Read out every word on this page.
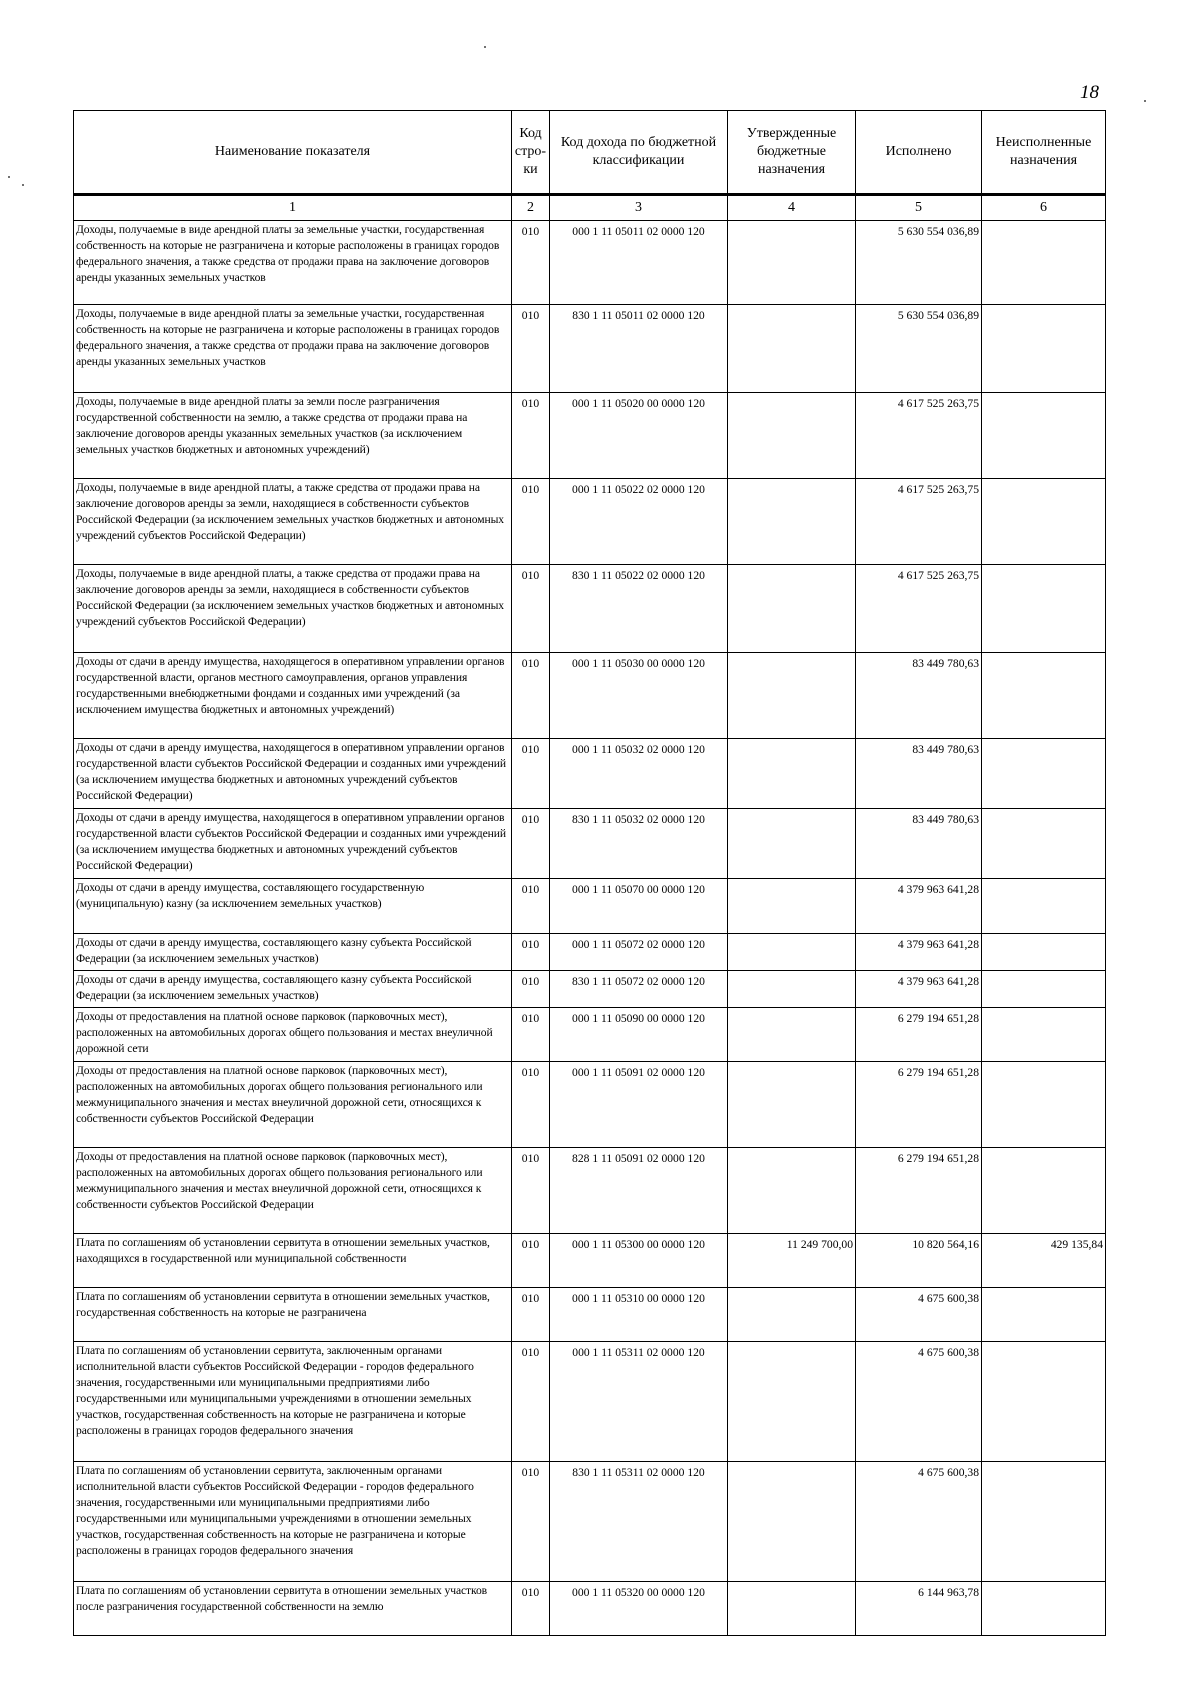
18
Наименование показателя	Код стро-ки	Код дохода по бюджетной классификации	Утвержденные бюджетные назначения	Исполнено	Неисполненные назначения
1	2	3	4	5	6
Доходы, получаемые в виде арендной платы за земельные участки, государственная собственность на которые не разграничена и которые расположены в границах городов федерального значения, а также средства от продажи права на заключение договоров аренды указанных земельных участков	010	000 1 11 05011 02 0000 120		5 630 554 036,89	
Доходы, получаемые в виде арендной платы за земельные участки, государственная собственность на которые не разграничена и которые расположены в границах городов федерального значения, а также средства от продажи права на заключение договоров аренды указанных земельных участков	010	830 1 11 05011 02 0000 120		5 630 554 036,89	
Доходы, получаемые в виде арендной платы за земли после разграничения государственной собственности на землю, а также средства от продажи права на заключение договоров аренды указанных земельных участков (за исключением земельных участков бюджетных и автономных учреждений)	010	000 1 11 05020 00 0000 120		4 617 525 263,75	
Доходы, получаемые в виде арендной платы, а также средства от продажи права на заключение договоров аренды за земли, находящиеся в собственности субъектов Российской Федерации (за исключением земельных участков бюджетных и автономных учреждений субъектов Российской Федерации)	010	000 1 11 05022 02 0000 120		4 617 525 263,75	
Доходы, получаемые в виде арендной платы, а также средства от продажи права на заключение договоров аренды за земли, находящиеся в собственности субъектов Российской Федерации (за исключением земельных участков бюджетных и автономных учреждений субъектов Российской Федерации)	010	830 1 11 05022 02 0000 120		4 617 525 263,75	
Доходы от сдачи в аренду имущества, находящегося в оперативном управлении органов государственной власти, органов местного самоуправления, органов управления государственными внебюджетными фондами и созданных ими учреждений (за исключением имущества бюджетных и автономных учреждений)	010	000 1 11 05030 00 0000 120		83 449 780,63	
Доходы от сдачи в аренду имущества, находящегося в оперативном управлении органов государственной власти субъектов Российской Федерации и созданных ими учреждений (за исключением имущества бюджетных и автономных учреждений субъектов Российской Федерации)	010	000 1 11 05032 02 0000 120		83 449 780,63	
Доходы от сдачи в аренду имущества, находящегося в оперативном управлении органов государственной власти субъектов Российской Федерации и созданных ими учреждений (за исключением имущества бюджетных и автономных учреждений субъектов Российской Федерации)	010	830 1 11 05032 02 0000 120		83 449 780,63	
Доходы от сдачи в аренду имущества, составляющего государственную (муниципальную) казну (за исключением земельных участков)	010	000 1 11 05070 00 0000 120		4 379 963 641,28	
Доходы от сдачи в аренду имущества, составляющего казну субъекта Российской Федерации (за исключением земельных участков)	010	000 1 11 05072 02 0000 120		4 379 963 641,28	
Доходы от сдачи в аренду имущества, составляющего казну субъекта Российской Федерации (за исключением земельных участков)	010	830 1 11 05072 02 0000 120		4 379 963 641,28	
Доходы от предоставления на платной основе парковок (парковочных мест), расположенных на автомобильных дорогах общего пользования и местах внеуличной дорожной сети	010	000 1 11 05090 00 0000 120		6 279 194 651,28	
Доходы от предоставления на платной основе парковок (парковочных мест), расположенных на автомобильных дорогах общего пользования регионального или межмуниципального значения и местах внеуличной дорожной сети, относящихся к собственности субъектов Российской Федерации	010	000 1 11 05091 02 0000 120		6 279 194 651,28	
Доходы от предоставления на платной основе парковок (парковочных мест), расположенных на автомобильных дорогах общего пользования регионального или межмуниципального значения и местах внеуличной дорожной сети, относящихся к собственности субъектов Российской Федерации	010	828 1 11 05091 02 0000 120		6 279 194 651,28	
Плата по соглашениям об установлении сервитута в отношении земельных участков, находящихся в государственной или муниципальной собственности	010	000 1 11 05300 00 0000 120	11 249 700,00	10 820 564,16	429 135,84
Плата по соглашениям об установлении сервитута в отношении земельных участков, государственная собственность на которые не разграничена	010	000 1 11 05310 00 0000 120		4 675 600,38	
Плата по соглашениям об установлении сервитута, заключенным органами исполнительной власти субъектов Российской Федерации - городов федерального значения, государственными или муниципальными предприятиями либо государственными или муниципальными учреждениями в отношении земельных участков, государственная собственность на которые не разграничена и которые расположены в границах городов федерального значения	010	000 1 11 05311 02 0000 120		4 675 600,38	
Плата по соглашениям об установлении сервитута, заключенным органами исполнительной власти субъектов Российской Федерации - городов федерального значения, государственными или муниципальными предприятиями либо государственными или муниципальными учреждениями в отношении земельных участков, государственная собственность на которые не разграничена и которые расположены в границах городов федерального значения	010	830 1 11 05311 02 0000 120		4 675 600,38	
Плата по соглашениям об установлении сервитута в отношении земельных участков после разграничения государственной собственности на землю	010	000 1 11 05320 00 0000 120		6 144 963,78	
